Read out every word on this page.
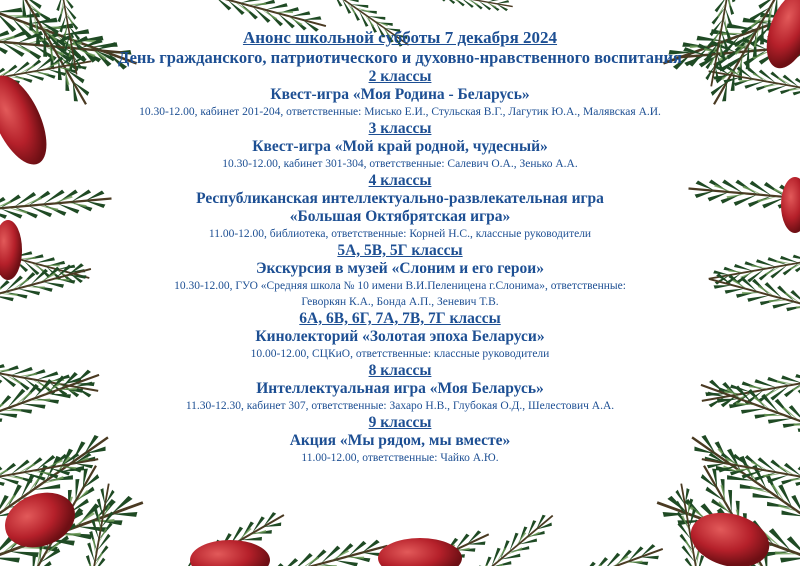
Анонс школьной субботы 7 декабря 2024
День гражданского, патриотического и духовно-нравственного воспитания
2 классы
Квест-игра «Моя Родина - Беларусь»
10.30-12.00, кабинет 201-204, ответственные: Мисько Е.И., Стульская В.Г., Лагутик Ю.А., Малявская А.И.
3 классы
Квест-игра «Мой край родной, чудесный»
10.30-12.00, кабинет 301-304, ответственные: Салевич О.А., Зенько А.А.
4 классы
Республиканская интеллектуально-развлекательная игра
«Большая Октябрятская игра»
11.00-12.00, библиотека, ответственные: Корней Н.С., классные руководители
5А, 5В, 5Г классы
Экскурсия в музей «Слоним и его герои»
10.30-12.00, ГУО «Средняя школа № 10 имени В.И.Пелениценa г.Слонима», ответственные:
Геворкян К.А., Бонда А.П., Зеневич Т.В.
6А, 6В, 6Г, 7А, 7В, 7Г классы
Кинолекторий «Золотая эпоха Беларуси»
10.00-12.00, СЦКиО, ответственные: классные руководители
8 классы
Интеллектуальная игра «Моя Беларусь»
11.30-12.30, кабинет 307, ответственные: Захаро Н.В., Глубокая О.Д., Шелестович А.А.
9 классы
Акция «Мы рядом, мы вместе»
11.00-12.00, ответственные: Чайко А.Ю.
